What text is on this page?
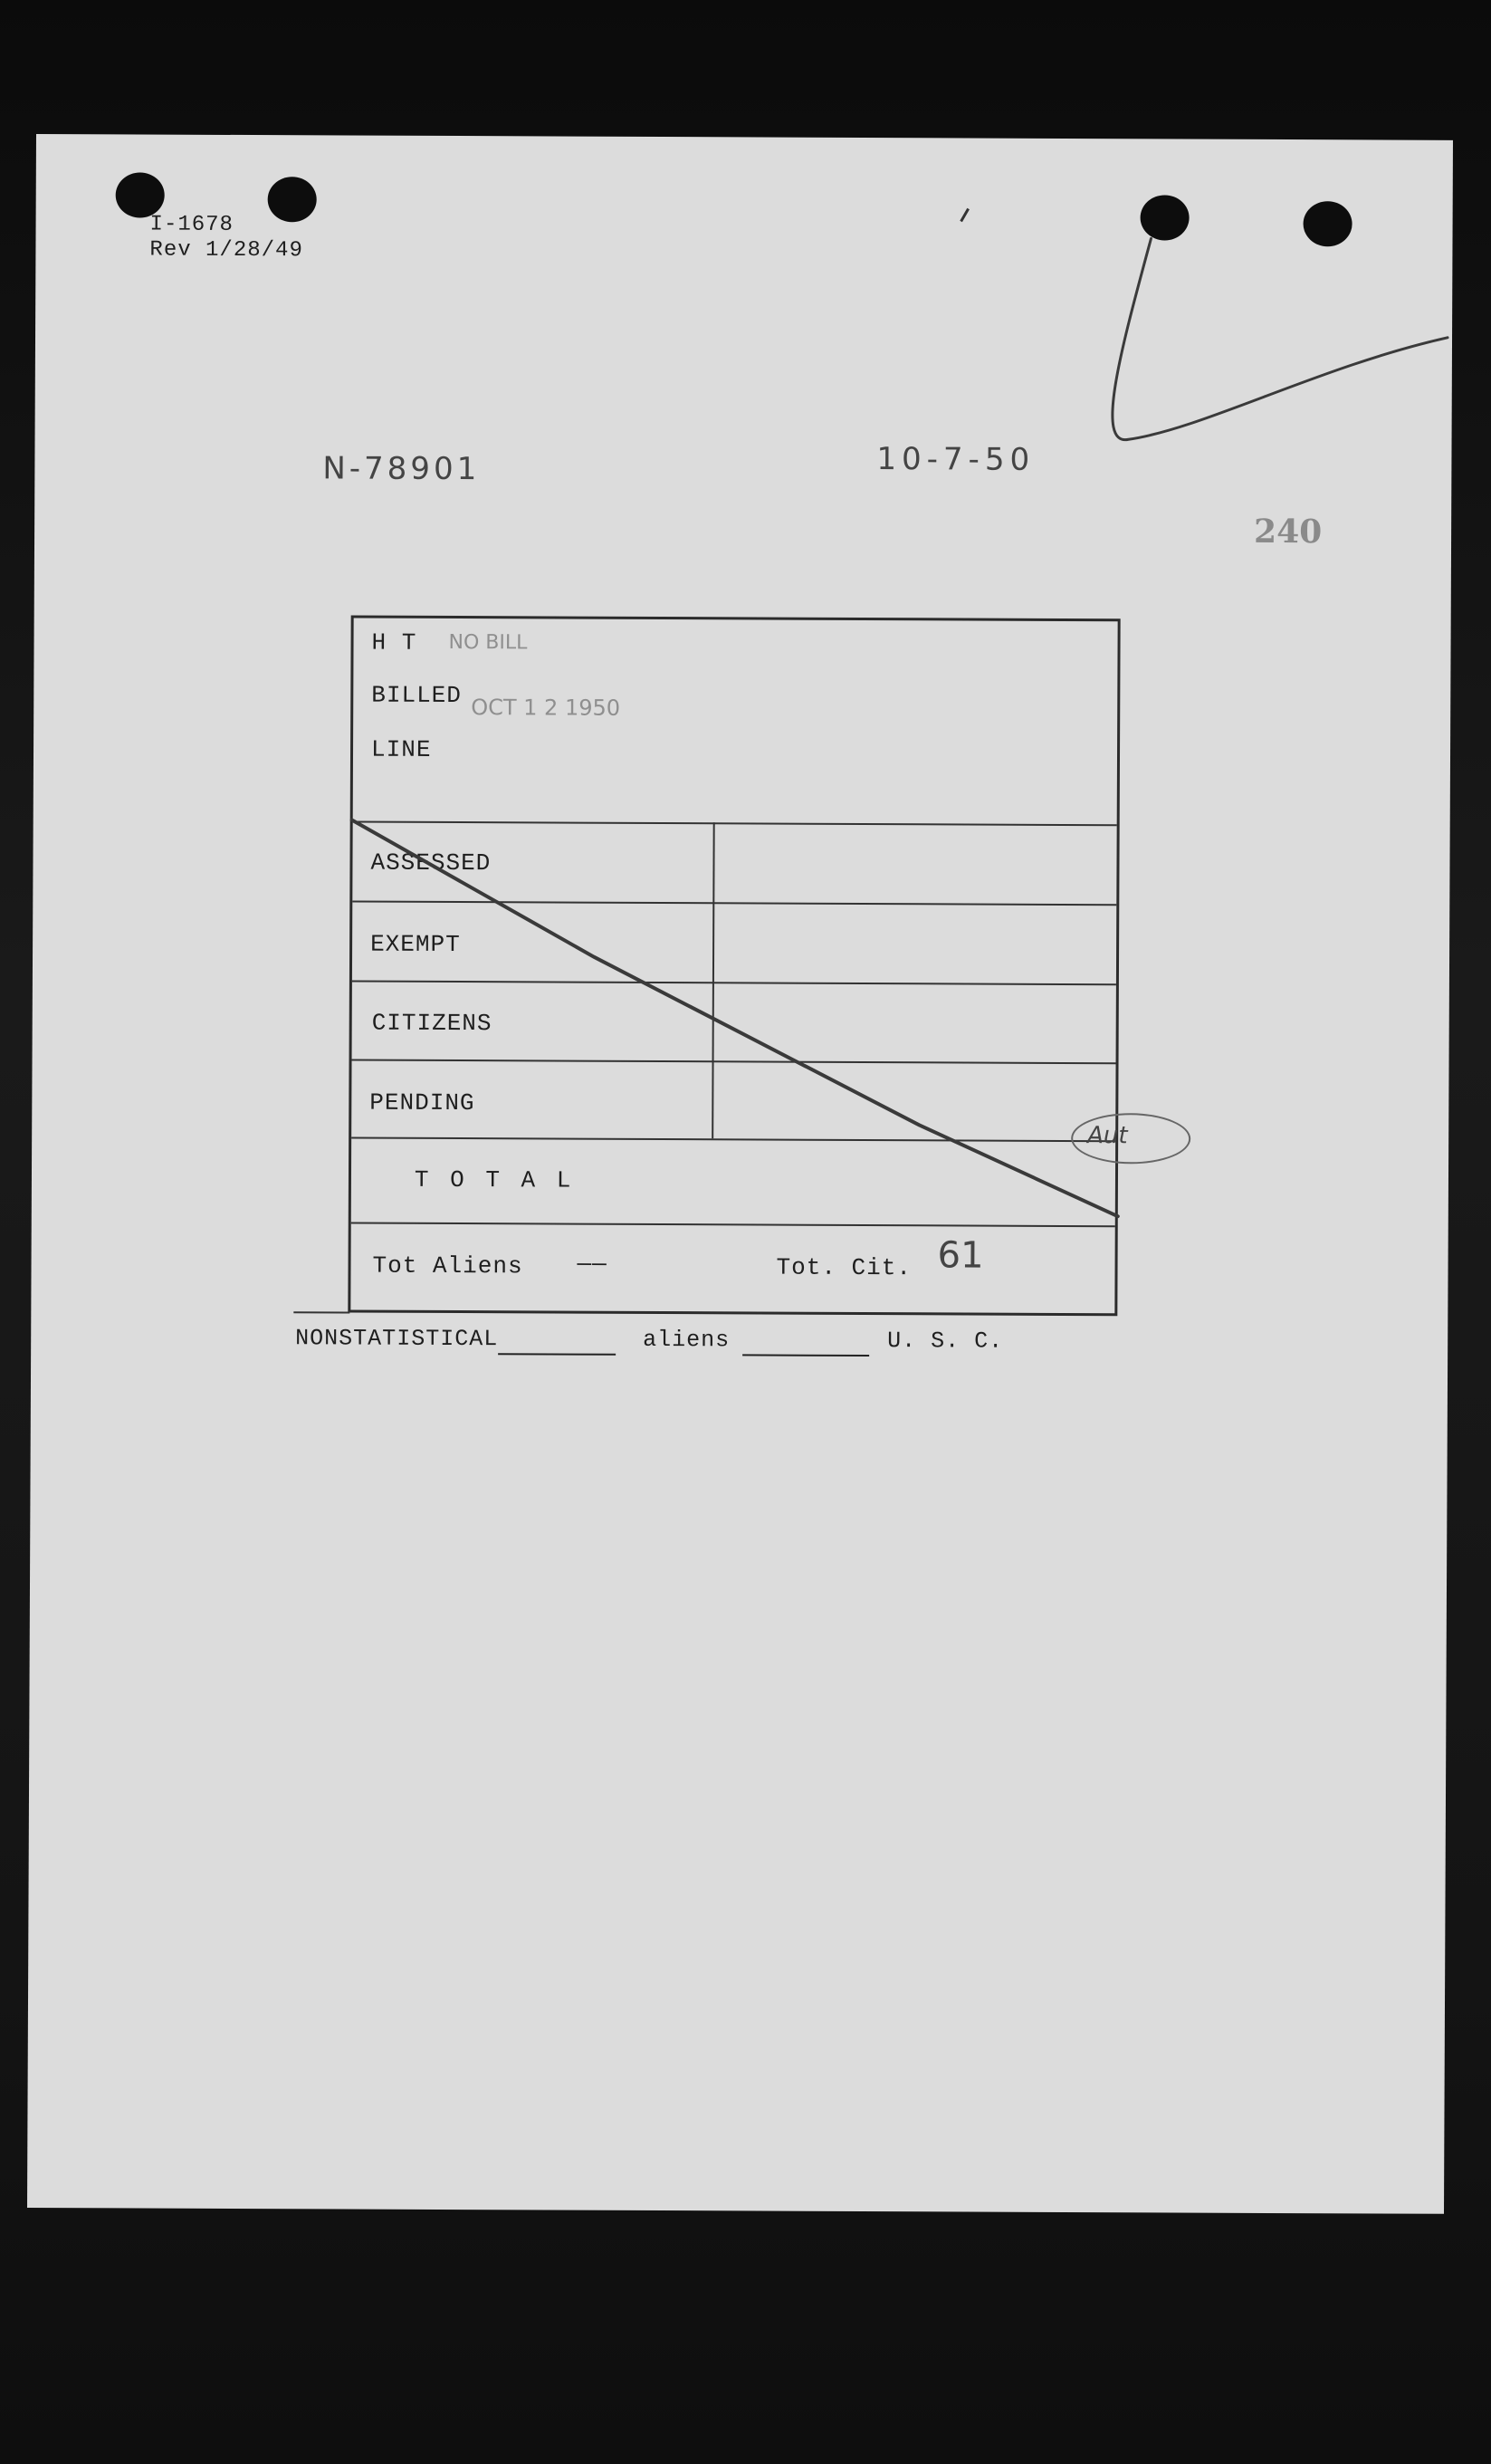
I-1678
Rev 1/28/49
N-78901	10-7-50
240
H T NO BILL
BILLED OCT 1 2 1950
LINE
ASSESSED
EXEMPT
CITIZENS
PENDING
T O T A L
Tot Aliens ——	Tot. Cit. 61
NONSTATISTICAL	aliens	U. S. C.
Aut
